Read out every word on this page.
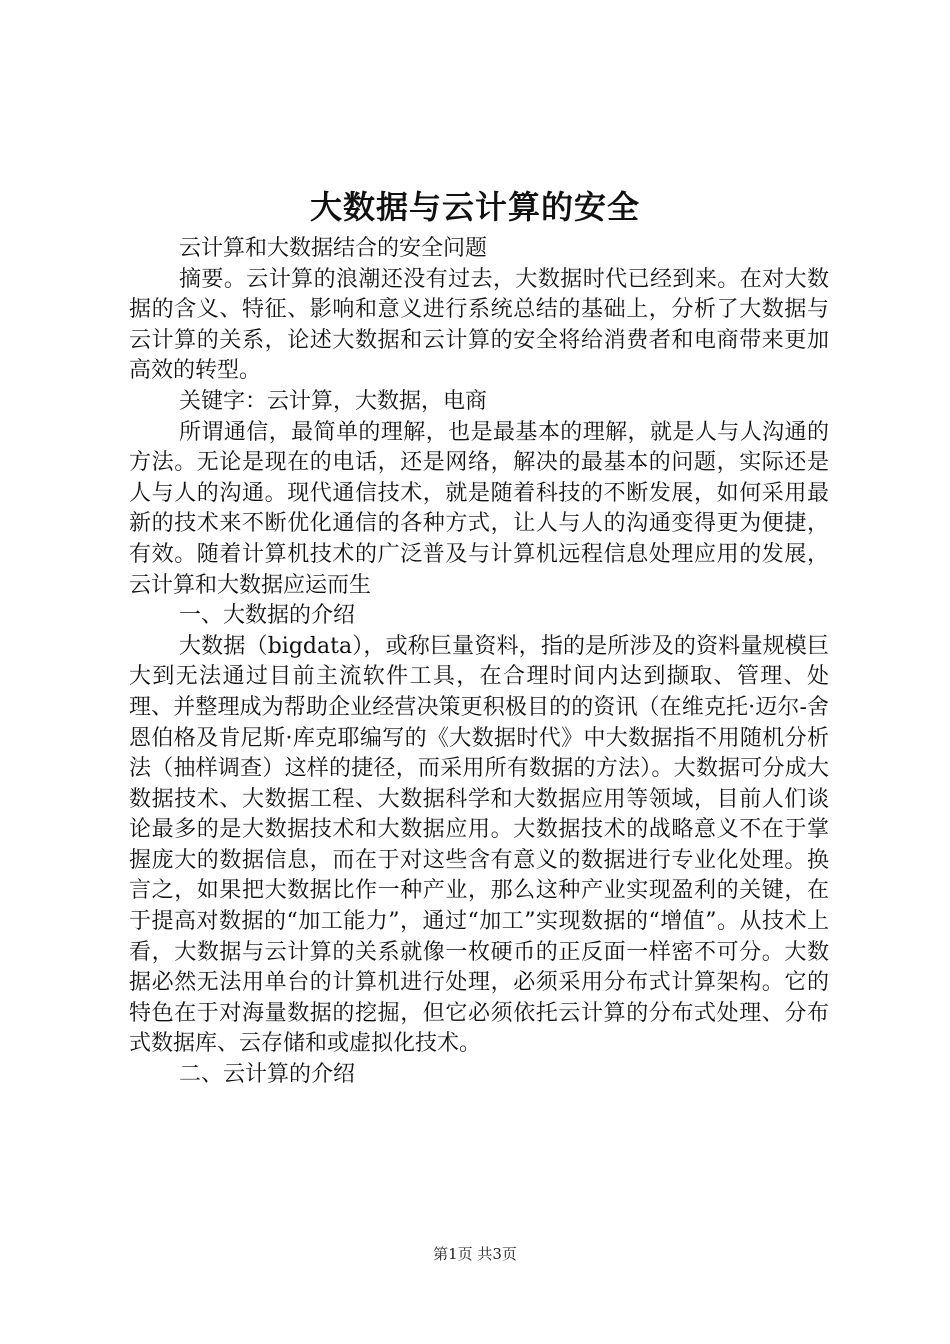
大数据与云计算的安全

云计算和大数据结合的安全问题

摘要。云计算的浪潮还没有过去，大数据时代已经到来。在对大数据的含义、特征、影响和意义进行系统总结的基础上，分析了大数据与云计算的关系，论述大数据和云计算的安全将给消费者和电商带来更加高效的转型。

关键字：云计算，大数据，电商

所谓通信，最简单的理解，也是最基本的理解，就是人与人沟通的方法。无论是现在的电话，还是网络，解决的最基本的问题，实际还是人与人的沟通。现代通信技术，就是随着科技的不断发展，如何采用最新的技术来不断优化通信的各种方式，让人与人的沟通变得更为便捷，有效。随着计算机技术的广泛普及与计算机远程信息处理应用的发展，云计算和大数据应运而生

一、大数据的介绍

大数据（bigdata），或称巨量资料，指的是所涉及的资料量规模巨大到无法通过目前主流软件工具，在合理时间内达到撷取、管理、处理、并整理成为帮助企业经营决策更积极目的的资讯（在维克托·迈尔-舍恩伯格及肯尼斯·库克耶编写的《大数据时代》中大数据指不用随机分析法（抽样调查）这样的捷径，而采用所有数据的方法）。大数据可分成大数据技术、大数据工程、大数据科学和大数据应用等领域，目前人们谈论最多的是大数据技术和大数据应用。大数据技术的战略意义不在于掌握庞大的数据信息，而在于对这些含有意义的数据进行专业化处理。换言之，如果把大数据比作一种产业，那么这种产业实现盈利的关键，在于提高对数据的“加工能力”，通过“加工”实现数据的“增值”。从技术上看，大数据与云计算的关系就像一枚硬币的正反面一样密不可分。大数据必然无法用单台的计算机进行处理，必须采用分布式计算架构。它的特色在于对海量数据的挖掘，但它必须依托云计算的分布式处理、分布式数据库、云存储和或虚拟化技术。

二、云计算的介绍

第1页 共3页
